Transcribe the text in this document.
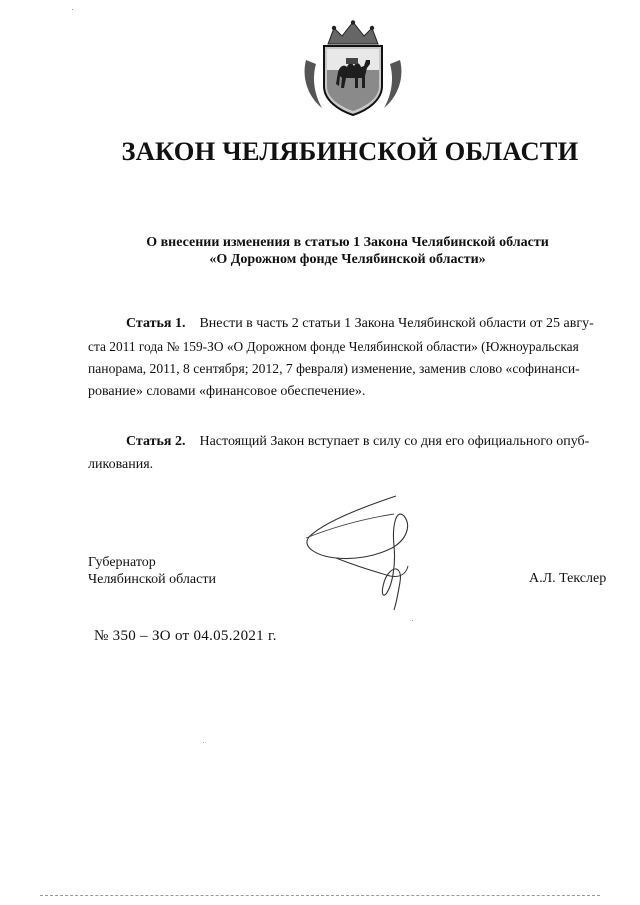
ЗАКОН ЧЕЛЯБИНСКОЙ ОБЛАСТИ
О внесении изменения в статью 1 Закона Челябинской области
«О Дорожном фонде Челябинской области»
Статья 1. Внести в часть 2 статьи 1 Закона Челябинской области от 25 авгу-
ста 2011 года № 159-ЗО «О Дорожном фонде Челябинской области» (Южноуральская
панорама, 2011, 8 сентября; 2012, 7 февраля) изменение, заменив слово «софинанси-
рование» словами «финансовое обеспечение».
Статья 2. Настоящий Закон вступает в силу со дня его официального опуб-
ликования.
Губернатор
Челябинской области	А.Л. Текслер
№ 350 – ЗО от 04.05.2021 г.
